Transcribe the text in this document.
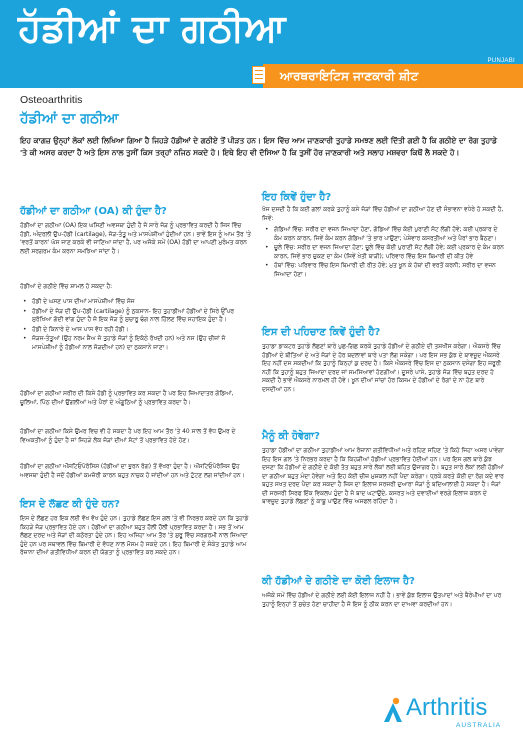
ਹੱਡੀਆਂ ਦਾ ਗਠੀਆ
PUNJABI
ਆਰਥਰਾਇਟਿਸ ਜਾਣਕਾਰੀ ਸ਼ੀਟ
Osteoarthritis
ਹੱਡੀਆਂ ਦਾ ਗਠੀਆ
ਇਹ ਕਾਗਜ਼ ਉਨ੍ਹਾਂ ਲੋਕਾਂ ਲਈ ਲਿਖਿਆ ਗਿਆ ਹੈ ਜਿਹੜੇ ਹੱਡੀਆਂ ਦੇ ਗਠੀਏ ਤੋਂ ਪੀੜਤ ਹਨ। ਇਸ ਵਿੱਚ ਆਮ ਜਾਣਕਾਰੀ ਤੁਹਾਡੇ ਸਮਝਣ ਲਈ ਦਿੱਤੀ ਗਈ ਹੈ ਕਿ ਗਠੀਏ ਦਾ ਰੋਗ ਤੁਹਾਡੇ 'ਤੇ ਕੀ ਅਸਰ ਕਰਦਾ ਹੈ ਅਤੇ ਇਸ ਨਾਲ ਤੁਸੀਂ ਕਿਸ ਤਰ੍ਹਾਂ ਨਜਿਠ ਸਕਦੇ ਹੋ। ਇਥੇ ਇਹ ਵੀ ਦੱਸਿਆ ਹੈ ਕਿ ਤੁਸੀਂ ਹੋਰ ਜਾਣਕਾਰੀ ਅਤੇ ਸਲਾਹ ਮਸ਼ਵਰਾ ਕਿਥੋਂ ਲੈ ਸਕਦੇ ਹੋ।
ਹੱਡੀਆਂ ਦਾ ਗਠੀਆ (OA) ਕੀ ਹੁੰਦਾ ਹੈ?
ਹੱਡੀਆਂ ਦਾ ਗਠੀਆ (OA) ਇਕ ਘਸਿਣੀ ਅਵਸਥਾ ਹੁੰਦੀ ਹੈ ਜੋ ਸਾਰੇ ਜੋੜ ਨੂੰ ਪ੍ਰਭਾਵਿਤ ਕਰਦੀ ਹੈ ਜਿਸ ਵਿੱਚ ਹੱਡੀ, ਅੰਦਰਲੀ ਉਪ-ਹੱਡੀ (cartilage), ਜੋੜ-ਤੰਤੂ ਅਤੇ ਮਾਸਪੇਸ਼ੀਆਂ ਹੁੰਦੀਆਂ ਹਨ। ਭਾਵੇਂ ਇਸ ਨੂੰ ਆਮ ਤੌਰ 'ਤੇ 'ਵਰਤੋਂ ਕਾਰਨ' ਘੱਸ ਜਾਣ ਕਰਕੇ ਵੀ ਜਾਣਿਆ ਜਾਂਦਾ ਹੈ, ਪਰ ਅਜੋਕੇ ਸਮੇਂ (OA) ਹੱਡੀ ਦਾ ਆਪਣੀ ਮੁਰੰਮਤ ਕਰਨ ਲਈ ਸਰਗਰਮ ਕੰਮ ਕਰਨਾ ਸਮਝਿਆ ਜਾਂਦਾ ਹੈ।
ਹੱਡੀਆਂ ਦੇ ਗਠੀਏ ਵਿੱਚ ਸ਼ਾਮਲ ਹੋ ਸਕਦਾ ਹੈ:
• ਹੱਡੀ ਦੇ ਘਸਣ ਪਾਸ ਦੀਆਂ ਮਾਸਪੇਸ਼ੀਆਂ ਵਿੱਚ ਸੋਜ
• ਹੱਡੀਆਂ ਦੇ ਜੋੜ ਦੀ ਉਪ-ਹੱਡੀ (cartilage) ਨੂੰ ਨੁਕਸਾਨ- ਇਹ ਤੁਹਾਡੀਆਂ ਹੱਡੀਆਂ ਦੇ ਸਿਰੇ ਉੱਪਰ ਸੁਰੱਖਿਆ ਗੱਦੀ ਵਾਂਗ ਹੁੰਦਾ ਹੈ ਜੋ ਇਕ ਜੋੜ ਨੂੰ ਸੁਚਾਰੂ ਢੰਗ ਨਾਲ ਹਿੱਲਣ ਵਿੱਚ ਸਹਾਇਕ ਹੁੰਦਾ ਹੈ।
• ਹੱਡੀ ਦੇ ਕਿਨਾਰੇ ਦੇ ਆਸ ਪਾਸ ਵੱਧ ਰਹੀ ਹੱਡੀ।
• ਜੋੜਜ-ਤੰਤੂਆਂ (ਉਹ ਨਰਮ ਸ਼ੈਅ ਜੋ ਤੁਹਾਡੇ ਜੋੜਾਂ ਨੂੰ ਇਕੱਠੇ ਰੱਖਦੀ ਹਨ) ਅਤੇ ਨਸ (ਉਹ ਚੀਜ਼ਾਂ ਜੋ ਮਾਸਪੇਸ਼ੀਆਂ ਨੂੰ ਹੱਡੀਆਂ ਨਾਲ ਜੋੜਦੀਆਂ ਹਨ) ਦਾ ਨੁਕਸਾਨੇ ਜਾਣਾ।
ਹੱਡੀਆਂ ਦਾ ਗਠੀਆ ਸਰੀਰ ਦੀ ਕਿਸੇ ਹੱਡੀ ਨੂੰ ਪ੍ਰਭਾਵਿਤ ਕਰ ਸਕਦਾ ਹੈ ਪਰ ਇਹ ਜ਼ਿਆਦਾਤਰ ਗੋਡਿਆਂ, ਚੂਲਿਆਂ, ਪਿੱਠ ਦੀਆਂ ਉਂਗਲੀਆਂ ਅਤੇ ਪੈਰਾਂ ਦੇ ਅੰਗੂਠਿਆਂ ਨੂੰ ਪ੍ਰਭਾਵਿਤ ਕਰਦਾ ਹੈ।
ਹੱਡੀਆਂ ਦਾ ਗਠੀਆ ਕਿਸੇ ਉਮਰ ਵਿਚ ਵੀ ਹੋ ਸਕਦਾ ਹੈ ਪਰ ਇਹ ਆਮ ਤੌਰ 'ਤੇ 40 ਸਾਲ ਤੋਂ ਵੱਧ ਉਮਰ ਦੇ ਵਿਅਕਤੀਆਂ ਨੂੰ ਹੁੰਦਾ ਹੈ ਜਾਂ ਜਿਹੜੇ ਲੋਕ ਜੋੜਾਂ ਦੀਆਂ ਸੱਟਾਂ ਤੋਂ ਪ੍ਰਭਾਵਿਤ ਹੋਏ ਹੋਣ।
ਹੱਡੀਆਂ ਦਾ ਗਠੀਆ ਔਸਟਿਓਪੋਰੋਸਿਸ (ਹੱਡੀਆਂ ਦਾ ਭੁਰਨ ਰੋਗ) ਤੋਂ ਵੱਖਰਾ ਹੁੰਦਾ ਹੈ। ਔਸਟਿਓਪੋਰੋਸਿਸ ਉਹ ਅਵਸਥਾ ਹੁੰਦੀ ਹੈ ਜਦੋਂ ਹੱਡੀਆਂ ਕਮਜ਼ੋਰੀ ਕਾਰਨ ਬਹੁਤ ਨਾਜ਼ੁਕ ਹੋ ਜਾਂਦੀਆਂ ਹਨ ਅਤੇ ਟੁੱਟਣ ਲਗ ਜਾਂਦੀਆਂ ਹਨ।
ਇਸ ਦੇ ਲੱਛਣ ਕੀ ਹੁੰਦੇ ਹਨ?
ਇਸ ਦੇ ਲੱਛਣ ਹਰ ਇਕ ਲਈ ਵੱਖ ਵੱਖ ਹੁੰਦੇ ਹਨ। ਤੁਹਾਡੇ ਲੱਛਣ ਇਸ ਗਲ 'ਤੇ ਵੀ ਨਿਰਭਰ ਕਰਦੇ ਹਨ ਕਿ ਤੁਹਾਡੇ ਕਿਹੜੇ ਜੋੜ ਪ੍ਰਭਾਵਿਤ ਹੋਏ ਹਨ। ਹੱਡੀਆਂ ਦਾ ਗਠੀਆ ਬਹੁਤ ਹੌਲੀ ਹੌਲੀ ਪ੍ਰਭਾਵਿਤ ਕਰਦਾ ਹੈ। ਸਭ ਤੋਂ ਆਮ ਲੱਛਣ ਦਰਦ ਅਤੇ ਜੋੜਾਂ ਦੀ ਕਠੋਰਤਾ ਹੁੰਦੇ ਹਨ। ਇਹ ਅਜਿਹਾ ਆਮ ਤੌਰ 'ਤੇ ਸ਼ੁਰੂ ਵਿੱਚ ਸਰਗਰਮੀ ਨਾਲ ਜਿਆਦਾ ਹੁੰਦੇ ਹਨ ਪਰ ਸਥਾਵਲ ਵਿੱਚ ਬਿਮਾਰੀ ਦੇ ਵੱਧਣ ਨਾਲ ਮੌਸਮ ਹੋ ਸਕਦੇ ਹਨ। ਇਹ ਬਿਮਾਰੀ ਦੇ ਸੰਕੇਤ ਤੁਹਾਡੇ ਆਮ ਰੋਜ਼ਾਨਾ ਦੀਆਂ ਗਤੀਵਿਧੀਆਂ ਕਰਨ ਦੀ ਯੋਗਤਾ ਨੂੰ ਪ੍ਰਭਾਵਿਤ ਕਰ ਸਕਦੇ ਹਨ।
ਇਹ ਕਿਵੇਂ ਹੁੰਦਾ ਹੈ?
ਖੋਜ ਦਸਦੀ ਹੈ ਕਿ ਕਈ ਗਲਾਂ ਕਰਕੇ ਤੁਹਾਨੂੰ ਕਸੇ ਜੋੜਾਂ ਵਿੱਚ ਹੱਡੀਆਂ ਦਾ ਗਠੀਆ ਹੋਣ ਦੀ ਸੰਭਾਵਨਾ ਵਧੇਰੇ ਹੋ ਸਕਦੀ ਹੈ, ਜਿਵੇਂ:
• ਗੋਡਿਆਂ ਵਿੱਚ: ਸਰੀਰ ਦਾ ਵਜਨ ਜਿਆਦਾ ਹੋਣਾ, ਗੋਡਿਆਂ ਵਿੱਚ ਕੋਈ ਪੁਰਾਣੀ ਸੱਟ ਲੱਗੀ ਹੋਵੇ; ਕਈ ਪ੍ਰਕਾਰ ਦੇ ਕੰਮ ਕਰਨ ਕਾਰਨ, ਜਿਵੇਂ ਕੰਮ ਕਰਨ ਗੋਡਿਆਂ 'ਤੇ ਭਾਰ ਪਾਉਣਾ; ਪੇਸ਼ੇਵਾਰ ਕਸਰਤੀਆਂ ਅਤੇ ਪੈਰਾਂ ਭਾਰ ਬੈਠਣਾ।
• ਚੂਲੇ ਵਿੱਚ: ਸਰੀਰ ਦਾ ਵਜਨ ਜਿਆਦਾ ਹੋਣਾ; ਚੂਲੇ ਵਿੱਚ ਕੋਈ ਪੁਰਾਣੀ ਸੱਟ ਲੱਗੀ ਹੋਵੇ; ਕਈ ਪ੍ਰਕਾਰ ਦੇ ਕੰਮ ਕਰਨ ਕਾਰਨ, ਜਿਵੇਂ ਭਾਰ ਚੁਕਣ ਦਾ ਕੰਮ (ਜਿਵੇਂ ਖੇਤੀ ਬਾੜੀ); ਪਰਿਵਾਰ ਵਿੱਚ ਇਸ ਬਿਮਾਰੀ ਦੀ ਕੀਤ ਹੋਵੇ
• ਹੱਥਾਂ ਵਿੱਚ: ਪਰਿਵਾਰ ਵਿੱਚ ਇਸ ਬਿਮਾਰੀ ਦੀ ਰੀਤ ਹੋਵੇ; ਮੁਤ ਖੂਨ ਕੇ ਹੱਥਾਂ ਦੀ ਵਰਤੋਂ ਕਰਨੀ; ਸਰੀਰ ਦਾ ਵਜਨ ਜਿਆਦਾ ਹੋਣਾ।
ਇਸ ਦੀ ਪਹਿਚਾਣ ਕਿਵੇਂ ਹੁੰਦੀ ਹੈ?
ਤੁਹਾਡਾ ਡਾਕਟਰ ਤੁਹਾਡੇ ਲੱਛਣਾਂ ਬਾਰੇ ਪੁਛ-ਗਿਛ ਕਰਕੇ ਤੁਹਾਡੇ ਹੱਡੀਆਂ ਦੇ ਗਠੀਏ ਦੀ ਤਸ਼ਖੀਸ ਕਰੇਗਾ। ਐਕਸਰੇ ਵਿੱਚ ਹੱਡੀਆਂ ਦੇ ਬੀਤਿਆਂ ਦੇ ਅਤੇ ਜੋੜਾਂ ਦੇ ਹੋਰ ਬਦਲਾਵਾਂ ਬਾਰੇ ਪਤਾ ਲੱਗ ਸਕੇਗਾ। ਪਰ ਇਸ ਸਭ ਕੁੱਝ ਦੇ ਬਾਵਜੂਦ ਐਕਸਰੇ ਇਹ ਨਹੀਂ ਦਸ ਸਕਦੀਆਂ ਕਿ ਤੁਹਾਨੂੰ ਕਿਨ੍ਹਾਂ ਕੁ ਦਰਦ ਹੈ। ਕਿਸੇ ਐਕਸਰੇ ਵਿੱਚ ਇਸ ਦਾ ਨੁਕਸਾਨ ਦਸੇਗਾ ਇਹ ਜਰੂਰੀ ਨਹੀਂ ਕਿ ਤੁਹਾਨੂੰ ਬਹੁਤ ਜਿਆਦਾ ਦਰਦ ਜਾਂ ਸਮਸਿਆਵਾਂ ਹੋਣਗੀਆਂ। ਦੂਸਰੇ ਪਾਸੇ, ਤੁਹਾਡੇ ਜੋੜ ਵਿੱਚ ਬਹੁਤ ਦਰਦ ਹੋ ਸਕਦੀ ਹੈ ਭਾਵੇਂ ਐਕਸਰੇ ਨਾਰਮਲ ਹੀ ਹੋਵੇ। ਖੂਨ ਦੀਆਂ ਜਾਂਚਾਂ ਹੋਰ ਕਿਸਮ ਦੇ ਹੱਡੀਆਂ ਦੇ ਰੋਗਾਂ ਦੇ ਨਾ ਹੋਣ ਬਾਰੇ ਦਸਦੀਆਂ ਹਨ।
ਮੈਨੂੰ ਕੀ ਹੋਵੇਗਾ?
ਤੁਹਾਡਾ ਹੱਡੀਆਂ ਦਾ ਗਠੀਆ ਤੁਹਾਡੀਆਂ ਆਮ ਰੋਜ਼ਾਨਾ ਗਤੀਵਿਧੀਆਂ ਅਤੇ ਰਹਿਣ ਸਹਿਣ 'ਤੇ ਕਿਹੋ ਜਿਹਾ ਅਸਰ ਪਾਵੇਗਾ ਇਹ ਇਸ ਗਲ 'ਤੇ ਨਿਰਭਰ ਕਰਦਾ ਹੈ ਕਿ ਕਿਹੜੀਆਂ ਹੱਡੀਆਂ ਪ੍ਰਭਾਵਿਤ ਹੋਈਆਂ ਹਨ। ਪਰ ਇਸ ਗਲ ਬਾਰੇ ਕੁੱਝ ਦਸਣਾ ਕਿ ਹੱਡੀਆਂ ਦੇ ਗਠੀਏ ਦੇ ਕੋਈ ਤੱਤ ਬਹੁਤ ਸਾਰੇ ਲੋਕਾਂ ਲਈ ਬਹਿਤ ਉਜਾਗਰ ਹੈ। ਬਹੁਤ ਸਾਰੇ ਲੋਕਾਂ ਲਈ ਹੱਡੀਆਂ ਦਾ ਗਠੀਆ ਬਹੁਤ ਮੰਦਾ ਹੋਵੇਗਾ ਅਤੇ ਇਹ ਕੋਈ ਚੀਜ਼ ਮੁਸ਼ਕਲ ਨਹੀਂ ਪੈਦਾ ਕਰੇਗਾ। ਧ੍ਰਕੇ ਕਰਤੇ ਕੋਈ ਦਾ ਰੋਗ ਕਦੇ ਵਾਰ ਬਹੁਤ ਸਖਤ ਦਰਦ ਪੈਦਾ ਕਰ ਸਕਦਾ ਹੈ ਜਿਸ ਦਾ ਇਲਾਜ ਸਰਜਰੀ ਦੁਆਰਾ ਜੋੜਾਂ ਨੂੰ ਬਦਿਆਲਾਈ ਹੋ ਸਕਦਾ ਹੈ। ਜੋੜਾਂ ਦੀ ਸਰਜਰੀ ਸਿਰਫ ਇੱਕ ਵਿਕਲਪ ਹੁੰਦਾ ਹੈ ਜੋ ਬਾਦ ਘਟਾਉਂਦੇ, ਕਸਰਤ ਅਤੇ ਦਵਾਈਆਂ ਵਰਗੇ ਇਲਾਜ ਕਰਨ ਦੇ ਬਾਵਜੂਦ ਤੁਹਾਡੇ ਲੱਛਣਾਂ ਨੂੰ ਕਾਬੂ ਪਾਉਣ ਵਿੱਚ ਅਸਫਲ ਰਹਿੰਦਾ ਹੈ।
ਕੀ ਹੱਡੀਆਂ ਦੇ ਗਠੀਏ ਦਾ ਕੋਈ ਇਲਾਜ ਹੈ?
ਅਜੋਕੇ ਸਮੇਂ ਵਿੱਚ ਹੱਡੀਆਂ ਦੇ ਗਠੀਏ ਲਈ ਕੋਈ ਇਲਾਜ ਨਹੀਂ ਹੈ। ਭਾਵੇਂ ਕੁੱਝ ਇਲਾਜ ਉਤਪਾਦਾਂ ਅਤੇ ਥੈਰੇਪੀਆਂ ਦਾ ਪਰ ਤੁਹਾਨੂੰ ਇਨ੍ਹਾਂ ਤੋਂ ਸੁਚੇਤ ਹੋਣਾ ਚਾਹੀਦਾ ਹੈ ਜੋ ਇਸ ਨੂੰ ਠੀਕ ਕਰਨ ਦਾ ਦਾਅਵਾ ਕਰਦੀਆਂ ਹਨ।
Arthritis
AUSTRALIA
